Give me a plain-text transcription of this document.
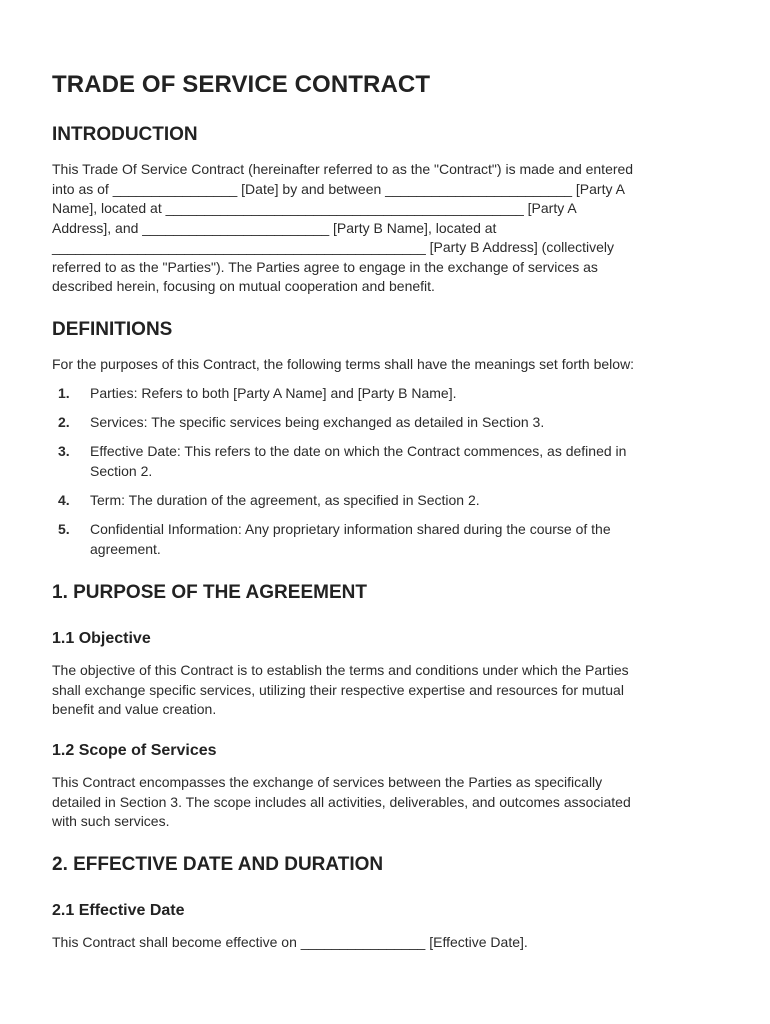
TRADE OF SERVICE CONTRACT
INTRODUCTION
This Trade Of Service Contract (hereinafter referred to as the "Contract") is made and entered
into as of ________________ [Date] by and between ________________________ [Party A
Name], located at ______________________________________________ [Party A
Address], and ________________________ [Party B Name], located at
________________________________________________ [Party B Address] (collectively
referred to as the "Parties"). The Parties agree to engage in the exchange of services as
described herein, focusing on mutual cooperation and benefit.
DEFINITIONS

For the purposes of this Contract, the following terms shall have the meanings set forth below:

1. Parties: Refers to both [Party A Name] and [Party B Name].
2. Services: The specific services being exchanged as detailed in Section 3.
3. Effective Date: This refers to the date on which the Contract commences, as defined in
Section 2.
4. Term: The duration of the agreement, as specified in Section 2.
5. Confidential Information: Any proprietary information shared during the course of the
agreement.
1. PURPOSE OF THE AGREEMENT
1.1 Objective
The objective of this Contract is to establish the terms and conditions under which the Parties
shall exchange specific services, utilizing their respective expertise and resources for mutual
benefit and value creation.
1.2 Scope of Services
This Contract encompasses the exchange of services between the Parties as specifically
detailed in Section 3. The scope includes all activities, deliverables, and outcomes associated
with such services.
2. EFFECTIVE DATE AND DURATION
2.1 Effective Date
This Contract shall become effective on ________________ [Effective Date].
